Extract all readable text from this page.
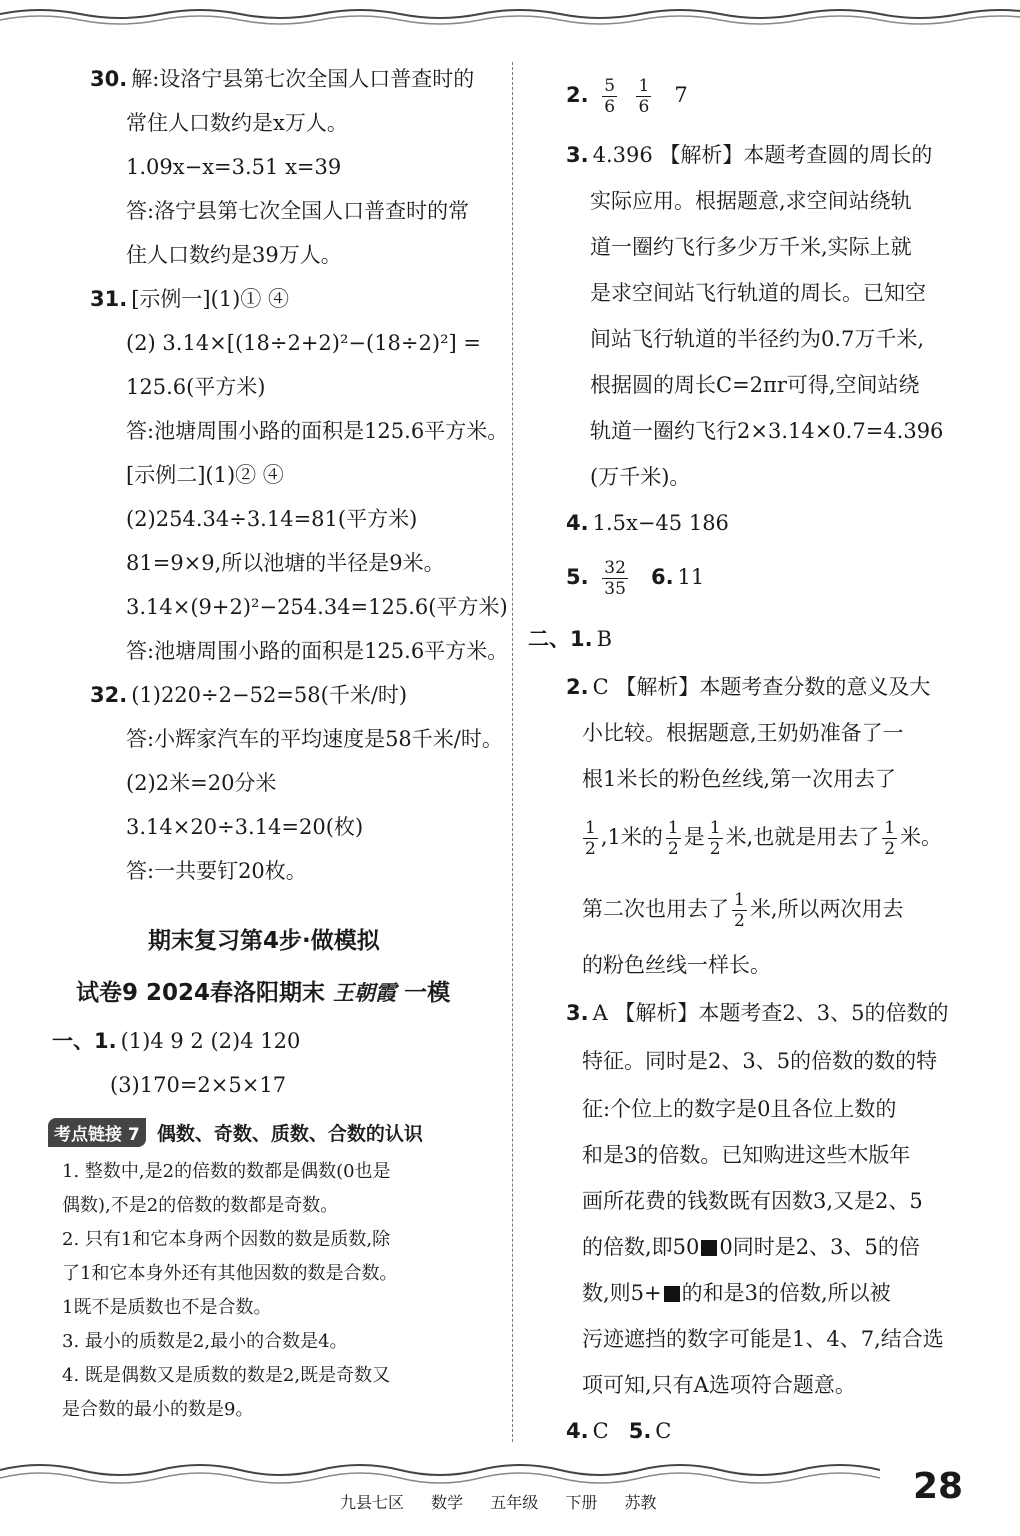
30. 解:设洛宁县第七次全国人口普查时的
常住人口数约是x万人。
1.09x−x=3.51 x=39
答:洛宁县第七次全国人口普查时的常
住人口数约是39万人。
31. [示例一](1)① ④
(2) 3.14×[(18÷2+2)²−(18÷2)²] =
125.6(平方米)
答:池塘周围小路的面积是125.6平方米。
[示例二](1)② ④
(2)254.34÷3.14=81(平方米)
81=9×9,所以池塘的半径是9米。
3.14×(9+2)²−254.34=125.6(平方米)
答:池塘周围小路的面积是125.6平方米。
32. (1)220÷2−52=58(千米/时)
答:小辉家汽车的平均速度是58千米/时。
(2)2米=20分米
3.14×20÷3.14=20(枚)
答:一共要钉20枚。
期末复习第4步·做模拟
试卷9 2024春洛阳期末 王朝霞 一模
一、1. (1)4 9 2 (2)4 120
(3)170=2×5×17
考点链接 7 偶数、奇数、质数、合数的认识
1. 整数中,是2的倍数的数都是偶数(0也是
偶数),不是2的倍数的数都是奇数。
2. 只有1和它本身两个因数的数是质数,除
了1和它本身外还有其他因数的数是合数。
1既不是质数也不是合数。
3. 最小的质数是2,最小的合数是4。
4. 既是偶数又是质数的数是2,既是奇数又
是合数的最小的数是9。
2. $\frac{5}{6}$
$\frac{1}{6} 7$
3. 4.396 【解析】本题考查圆的周长的
实际应用。根据题意,求空间站绕轨
道一圈约飞行多少万千米,实际上就
是求空间站飞行轨道的周长。已知空
间站飞行轨道的半径约为0.7万千米,
根据圆的周长C=2πr可得,空间站绕
轨道一圈约飞行2×3.14×0.7=4.396
(万千米)。
4. 1.5x−45 186
5. $\frac{32}{35} 6$. 11
二、1. B
2. C 【解析】本题考查分数的意义及大
小比较。根据题意,王奶奶准备了一
根1米长的粉色丝线,第一次用去了
$\frac{1}{2} ,1$米的 $\frac{1}{2}$ 是 $\frac{1}{2}$ 米,也就是用去了 $\frac{1}{2}$ 米。
第二次也用去了 $\frac{1}{2}$ 米,所以两次用去
的粉色丝线一样长。
3. A 【解析】本题考查2、3、5的倍数的
特征。同时是2、3、5的倍数的数的特
征:个位上的数字是0且各位上数的
和是3的倍数。已知购进这些木版年
画所花费的钱数既有因数3,又是2、5
的倍数,即50 0同时是2、3、5的倍
数,则5+ 的和是3的倍数,所以被
污迹遮挡的数字可能是1、4、7,结合选
项可知,只有A选项符合题意。
4. C 5. C
九县七区 数学 五年级 下册 苏教	28
